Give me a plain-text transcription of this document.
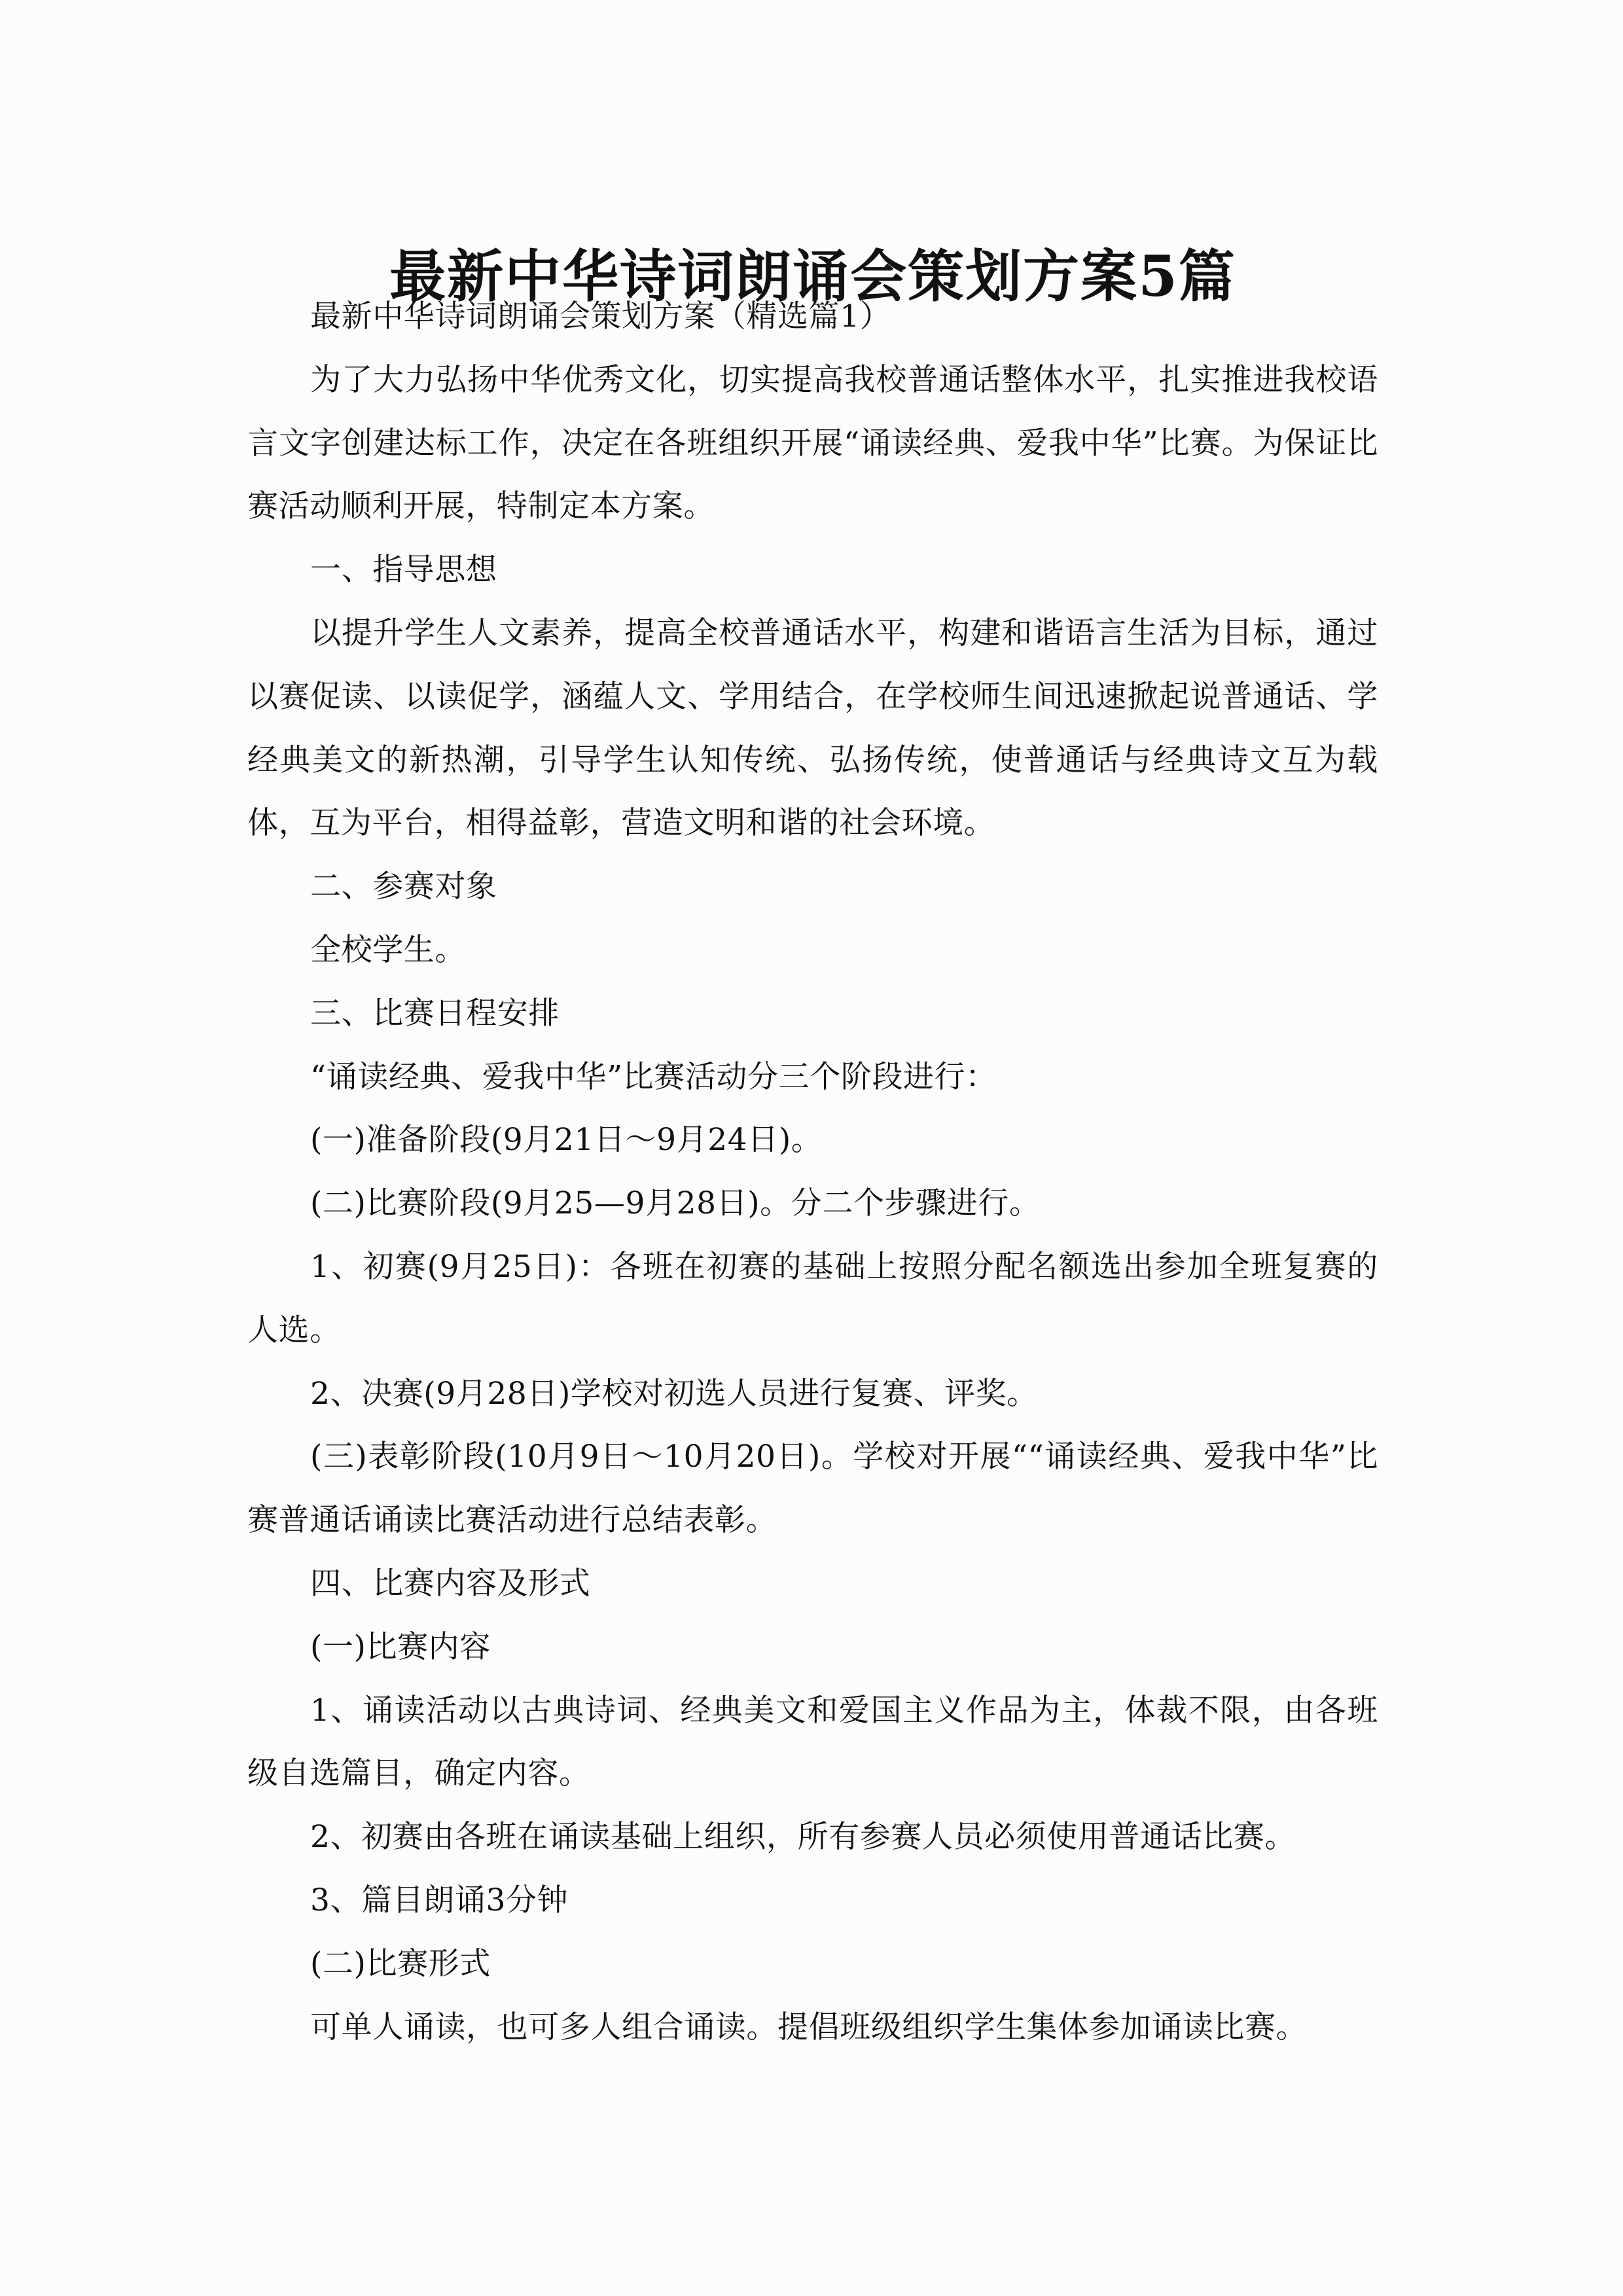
最新中华诗词朗诵会策划方案5篇

最新中华诗词朗诵会策划方案（精选篇1）

为了大力弘扬中华优秀文化，切实提高我校普通话整体水平，扎实推进我校语言文字创建达标工作，决定在各班组织开展“诵读经典、爱我中华”比赛。为保证比赛活动顺利开展，特制定本方案。

一、指导思想

以提升学生人文素养，提高全校普通话水平，构建和谐语言生活为目标，通过以赛促读、以读促学，涵蕴人文、学用结合，在学校师生间迅速掀起说普通话、学经典美文的新热潮，引导学生认知传统、弘扬传统，使普通话与经典诗文互为载体，互为平台，相得益彰，营造文明和谐的社会环境。

二、参赛对象

全校学生。

三、比赛日程安排

“诵读经典、爱我中华”比赛活动分三个阶段进行：

(一)准备阶段(9月21日～9月24日)。

(二)比赛阶段(9月25—9月28日)。分二个步骤进行。

1、初赛(9月25日)：各班在初赛的基础上按照分配名额选出参加全班复赛的人选。

2、决赛(9月28日)学校对初选人员进行复赛、评奖。

(三)表彰阶段(10月9日～10月20日)。学校对开展““诵读经典、爱我中华”比赛普通话诵读比赛活动进行总结表彰。

四、比赛内容及形式

(一)比赛内容

1、诵读活动以古典诗词、经典美文和爱国主义作品为主，体裁不限，由各班级自选篇目，确定内容。

2、初赛由各班在诵读基础上组织，所有参赛人员必须使用普通话比赛。

3、篇目朗诵3分钟

(二)比赛形式

可单人诵读，也可多人组合诵读。提倡班级组织学生集体参加诵读比赛。
